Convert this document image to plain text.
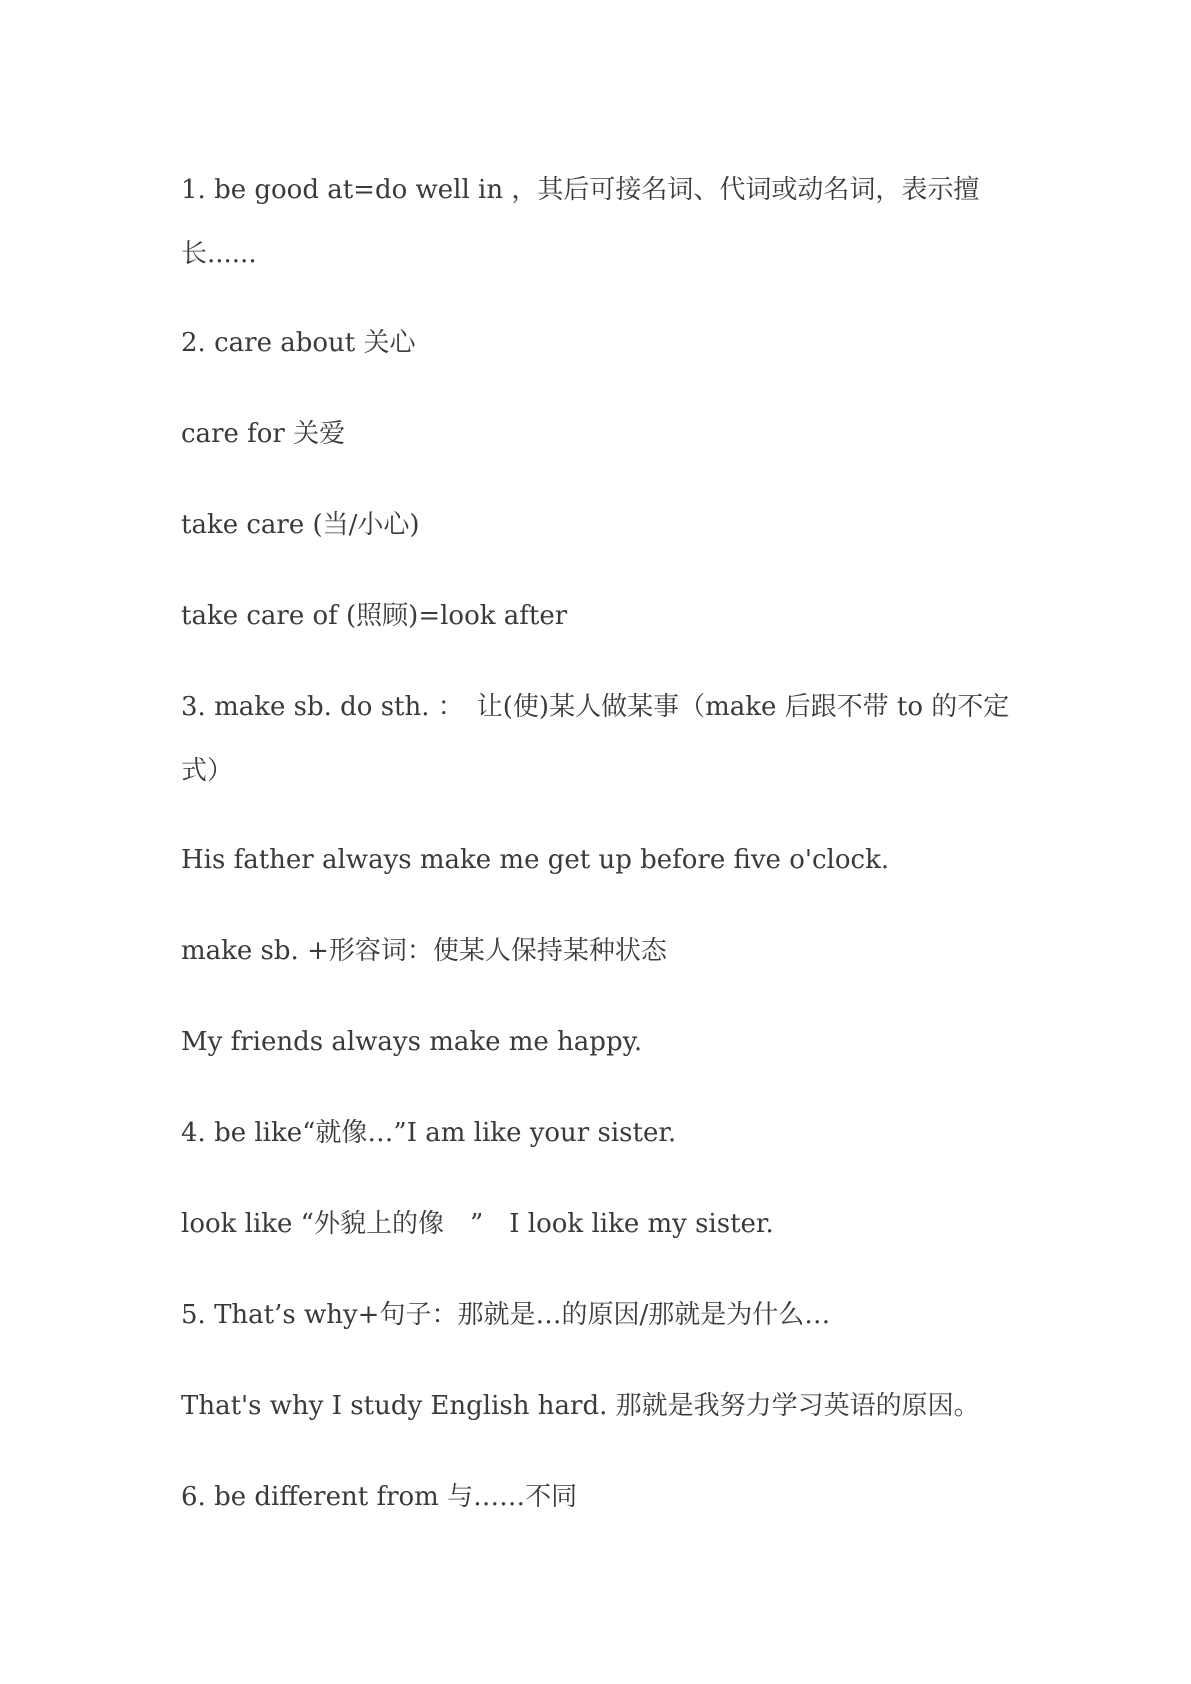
1. be good at=do well in ，其后可接名词、代词或动名词，表示擅

长......

2. care about 关心

care for 关爱

take care (当/小心)

take care of (照顾)=look after

3. make sb. do sth. ：　让(使)某人做某事（make 后跟不带 to 的不定

式）

His father always make me get up before five o'clock.

make sb. +形容词：使某人保持某种状态

My friends always make me happy.

4. be like“就像…”I am like your sister.

look like “外貌上的像　”　I look like my sister.

5. That’s why+句子：那就是…的原因/那就是为什么…

That's why I study English hard. 那就是我努力学习英语的原因。

6. be different from 与……不同
